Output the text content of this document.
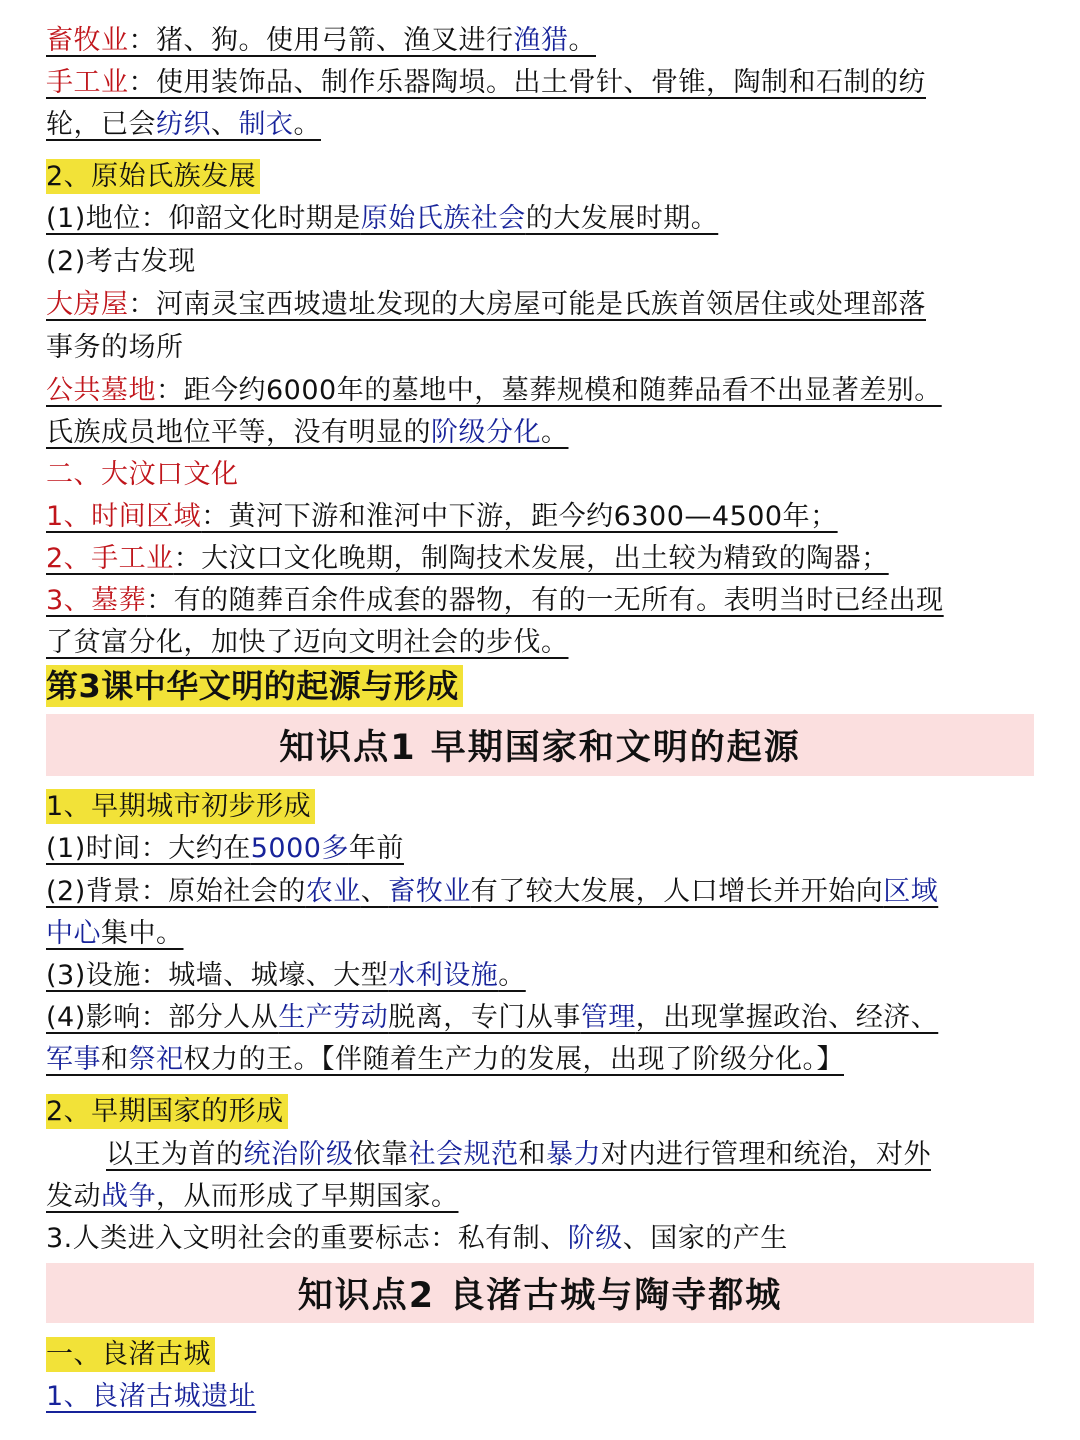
畜牧业：猪、狗。使用弓箭、渔叉进行渔猎。
手工业：使用装饰品、制作乐器陶埙。出土骨针、骨锥，陶制和石制的纺
轮，已会纺织、制衣。
2、原始氏族发展
(1)地位：仰韶文化时期是原始氏族社会的大发展时期。
(2)考古发现
大房屋：河南灵宝西坡遗址发现的大房屋可能是氏族首领居住或处理部落
事务的场所
公共墓地：距今约6000年的墓地中，墓葬规模和随葬品看不出显著差别。
氏族成员地位平等，没有明显的阶级分化。
二、大汶口文化
1、时间区域：黄河下游和淮河中下游，距今约6300—4500年；
2、手工业：大汶口文化晚期，制陶技术发展，出土较为精致的陶器；
3、墓葬：有的随葬百余件成套的器物，有的一无所有。表明当时已经出现
了贫富分化，加快了迈向文明社会的步伐。
第3课中华文明的起源与形成
知识点1 早期国家和文明的起源
1、早期城市初步形成
(1)时间：大约在5000多年前
(2)背景：原始社会的农业、畜牧业有了较大发展，人口增长并开始向区域
中心集中。
(3)设施：城墙、城壕、大型水利设施。
(4)影响：部分人从生产劳动脱离，专门从事管理，出现掌握政治、经济、
军事和祭祀权力的王。【伴随着生产力的发展，出现了阶级分化。】
2、早期国家的形成
以王为首的统治阶级依靠社会规范和暴力对内进行管理和统治，对外
发动战争，从而形成了早期国家。
3.人类进入文明社会的重要标志：私有制、阶级、国家的产生
知识点2 良渚古城与陶寺都城
一、良渚古城
1、良渚古城遗址
